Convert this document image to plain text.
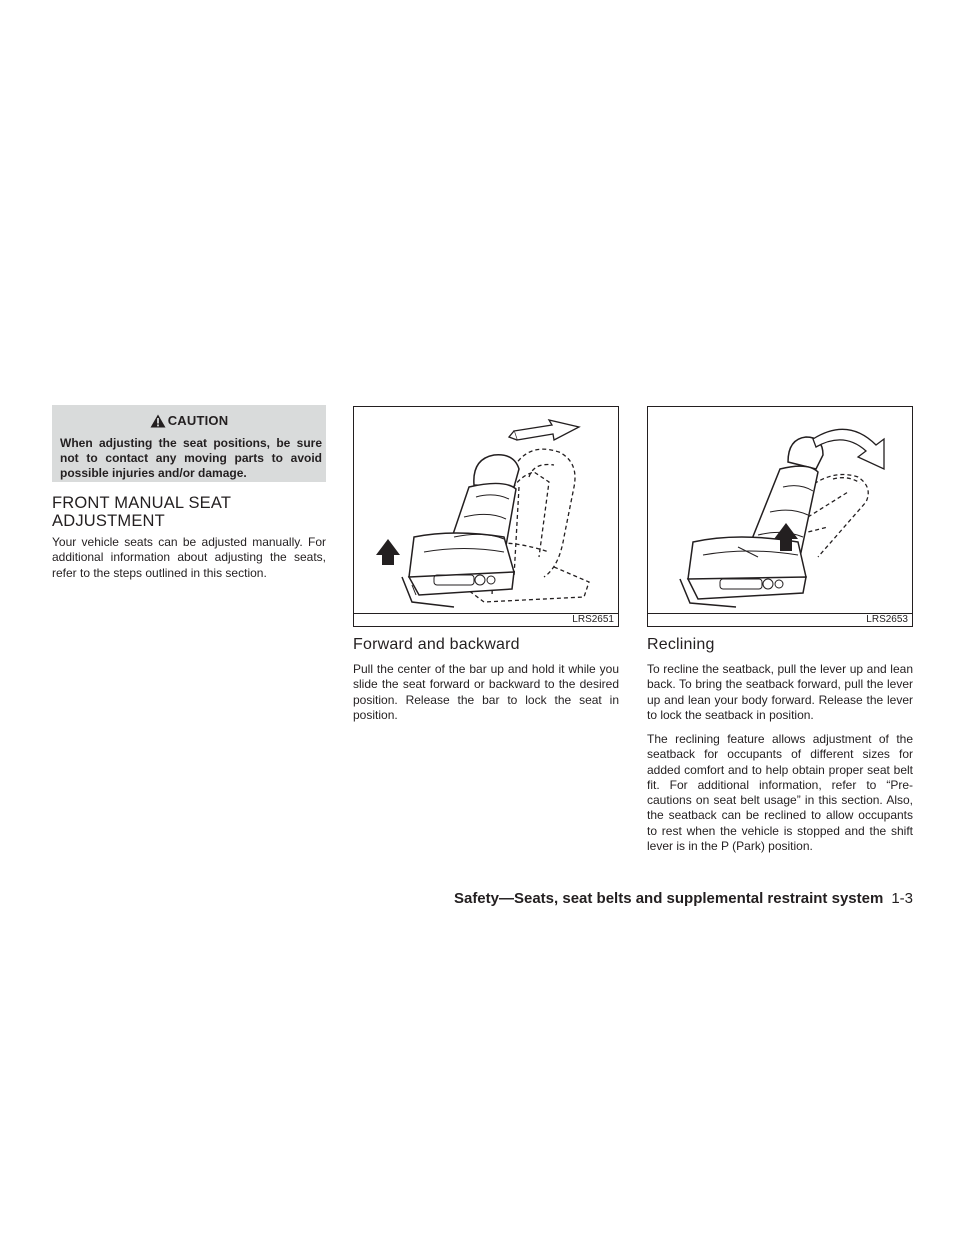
CAUTION
When adjusting the seat positions, be sure not to contact any moving parts to avoid possible injuries and/or damage.
FRONT MANUAL SEAT ADJUSTMENT

Your vehicle seats can be adjusted manually. For additional information about adjusting the seats, refer to the steps outlined in this section.

LRS2651	LRS2653
Forward and backward

Pull the center of the bar up and hold it while you slide the seat forward or backward to the desired position. Release the bar to lock the seat in position.

Reclining

To recline the seatback, pull the lever up and lean back. To bring the seatback forward, pull the lever up and lean your body forward. Release the lever to lock the seatback in position.

The reclining feature allows adjustment of the seatback for occupants of different sizes for added comfort and to help obtain proper seat belt fit. For additional information, refer to “Pre-cautions on seat belt usage” in this section. Also, the seatback can be reclined to allow occupants to rest when the vehicle is stopped and the shift lever is in the P (Park) position.

Safety—Seats, seat belts and supplemental restraint system 1-3
